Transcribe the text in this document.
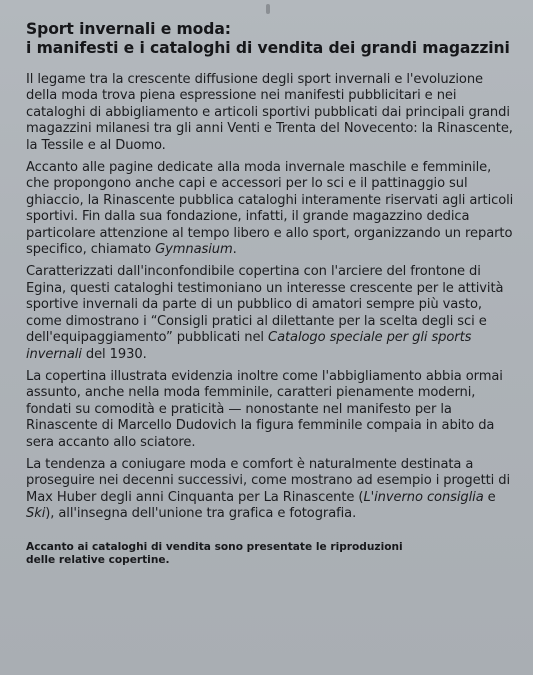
Sport invernali e moda:
i manifesti e i cataloghi di vendita dei grandi magazzini

Il legame tra la crescente diffusione degli sport invernali e l'evoluzione della moda trova piena espressione nei manifesti pubblicitari e nei cataloghi di abbigliamento e articoli sportivi pubblicati dai principali grandi magazzini milanesi tra gli anni Venti e Trenta del Novecento: la Rinascente, la Tessile e al Duomo.

Accanto alle pagine dedicate alla moda invernale maschile e femminile, che propongono anche capi e accessori per lo sci e il pattinaggio sul ghiaccio, la Rinascente pubblica cataloghi interamente riservati agli articoli sportivi. Fin dalla sua fondazione, infatti, il grande magazzino dedica particolare attenzione al tempo libero e allo sport, organizzando un reparto specifico, chiamato Gymnasium.

Caratterizzati dall'inconfondibile copertina con l'arciere del frontone di Egina, questi cataloghi testimoniano un interesse crescente per le attività sportive invernali da parte di un pubblico di amatori sempre più vasto, come dimostrano i “Consigli pratici al dilettante per la scelta degli sci e dell'equipaggiamento” pubblicati nel Catalogo speciale per gli sports invernali del 1930.

La copertina illustrata evidenzia inoltre come l'abbigliamento abbia ormai assunto, anche nella moda femminile, caratteri pienamente moderni, fondati su comodità e praticità — nonostante nel manifesto per la Rinascente di Marcello Dudovich la figura femminile compaia in abito da sera accanto allo sciatore.

La tendenza a coniugare moda e comfort è naturalmente destinata a proseguire nei decenni successivi, come mostrano ad esempio i progetti di Max Huber degli anni Cinquanta per La Rinascente (L'inverno consiglia e Ski), all'insegna dell'unione tra grafica e fotografia.

Accanto ai cataloghi di vendita sono presentate le riproduzioni
delle relative copertine.
